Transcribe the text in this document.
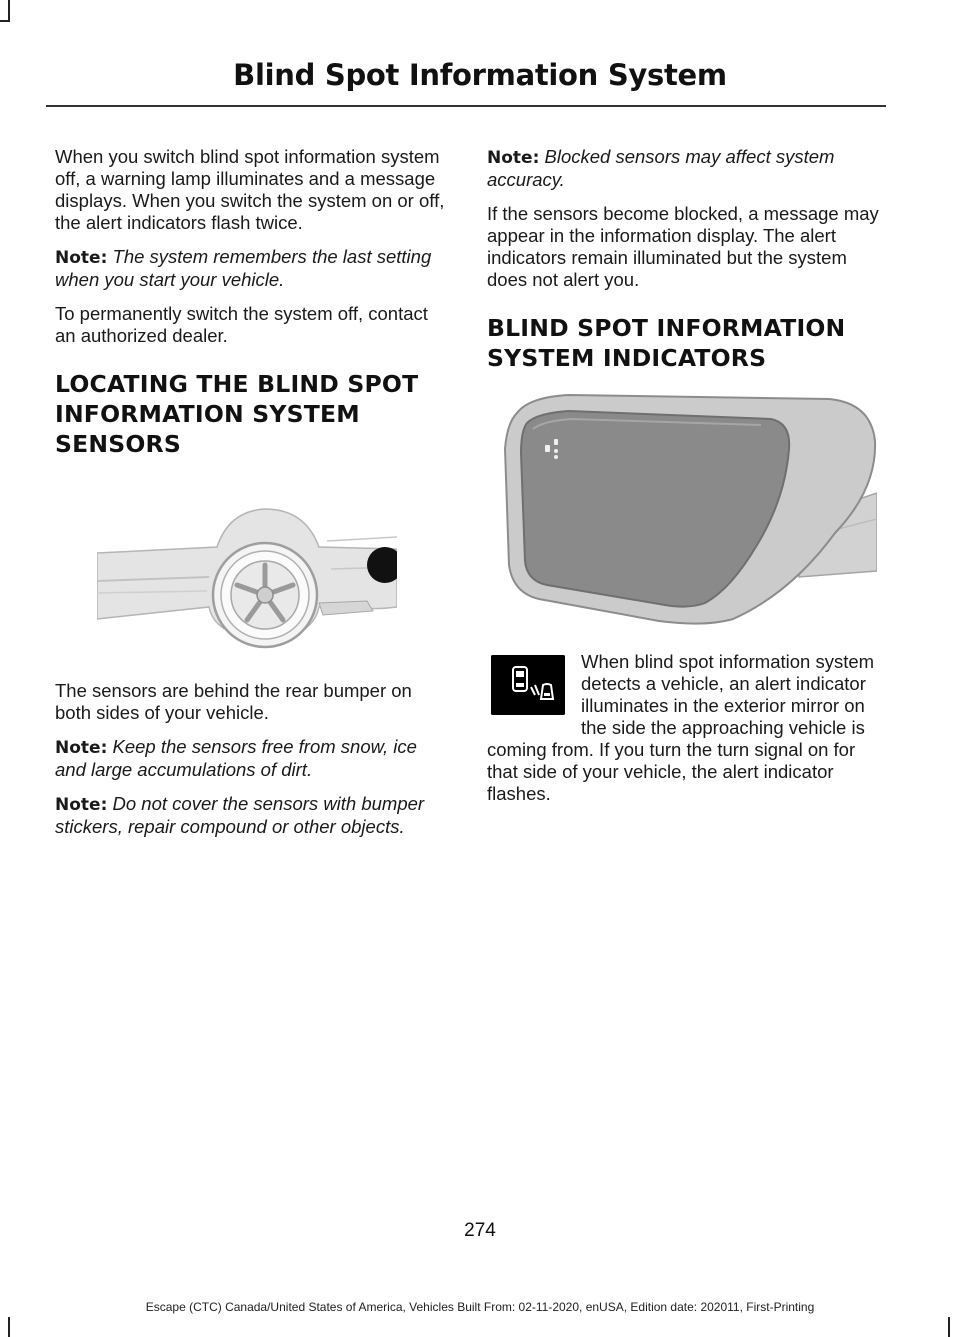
Blind Spot Information System

When you switch blind spot information system off, a warning lamp illuminates and a message displays. When you switch the system on or off, the alert indicators flash twice.

Note: The system remembers the last setting when you start your vehicle.

To permanently switch the system off, contact an authorized dealer.

LOCATING THE BLIND SPOT INFORMATION SYSTEM SENSORS

The sensors are behind the rear bumper on both sides of your vehicle.

Note: Keep the sensors free from snow, ice and large accumulations of dirt.

Note: Do not cover the sensors with bumper stickers, repair compound or other objects.

Note: Blocked sensors may affect system accuracy.

If the sensors become blocked, a message may appear in the information display. The alert indicators remain illuminated but the system does not alert you.

BLIND SPOT INFORMATION SYSTEM INDICATORS

When blind spot information system detects a vehicle, an alert indicator illuminates in the exterior mirror on the side the approaching vehicle is coming from. If you turn the turn signal on for that side of your vehicle, the alert indicator flashes.

274
Escape (CTC) Canada/United States of America, Vehicles Built From: 02-11-2020, enUSA, Edition date: 202011, First-Printing
